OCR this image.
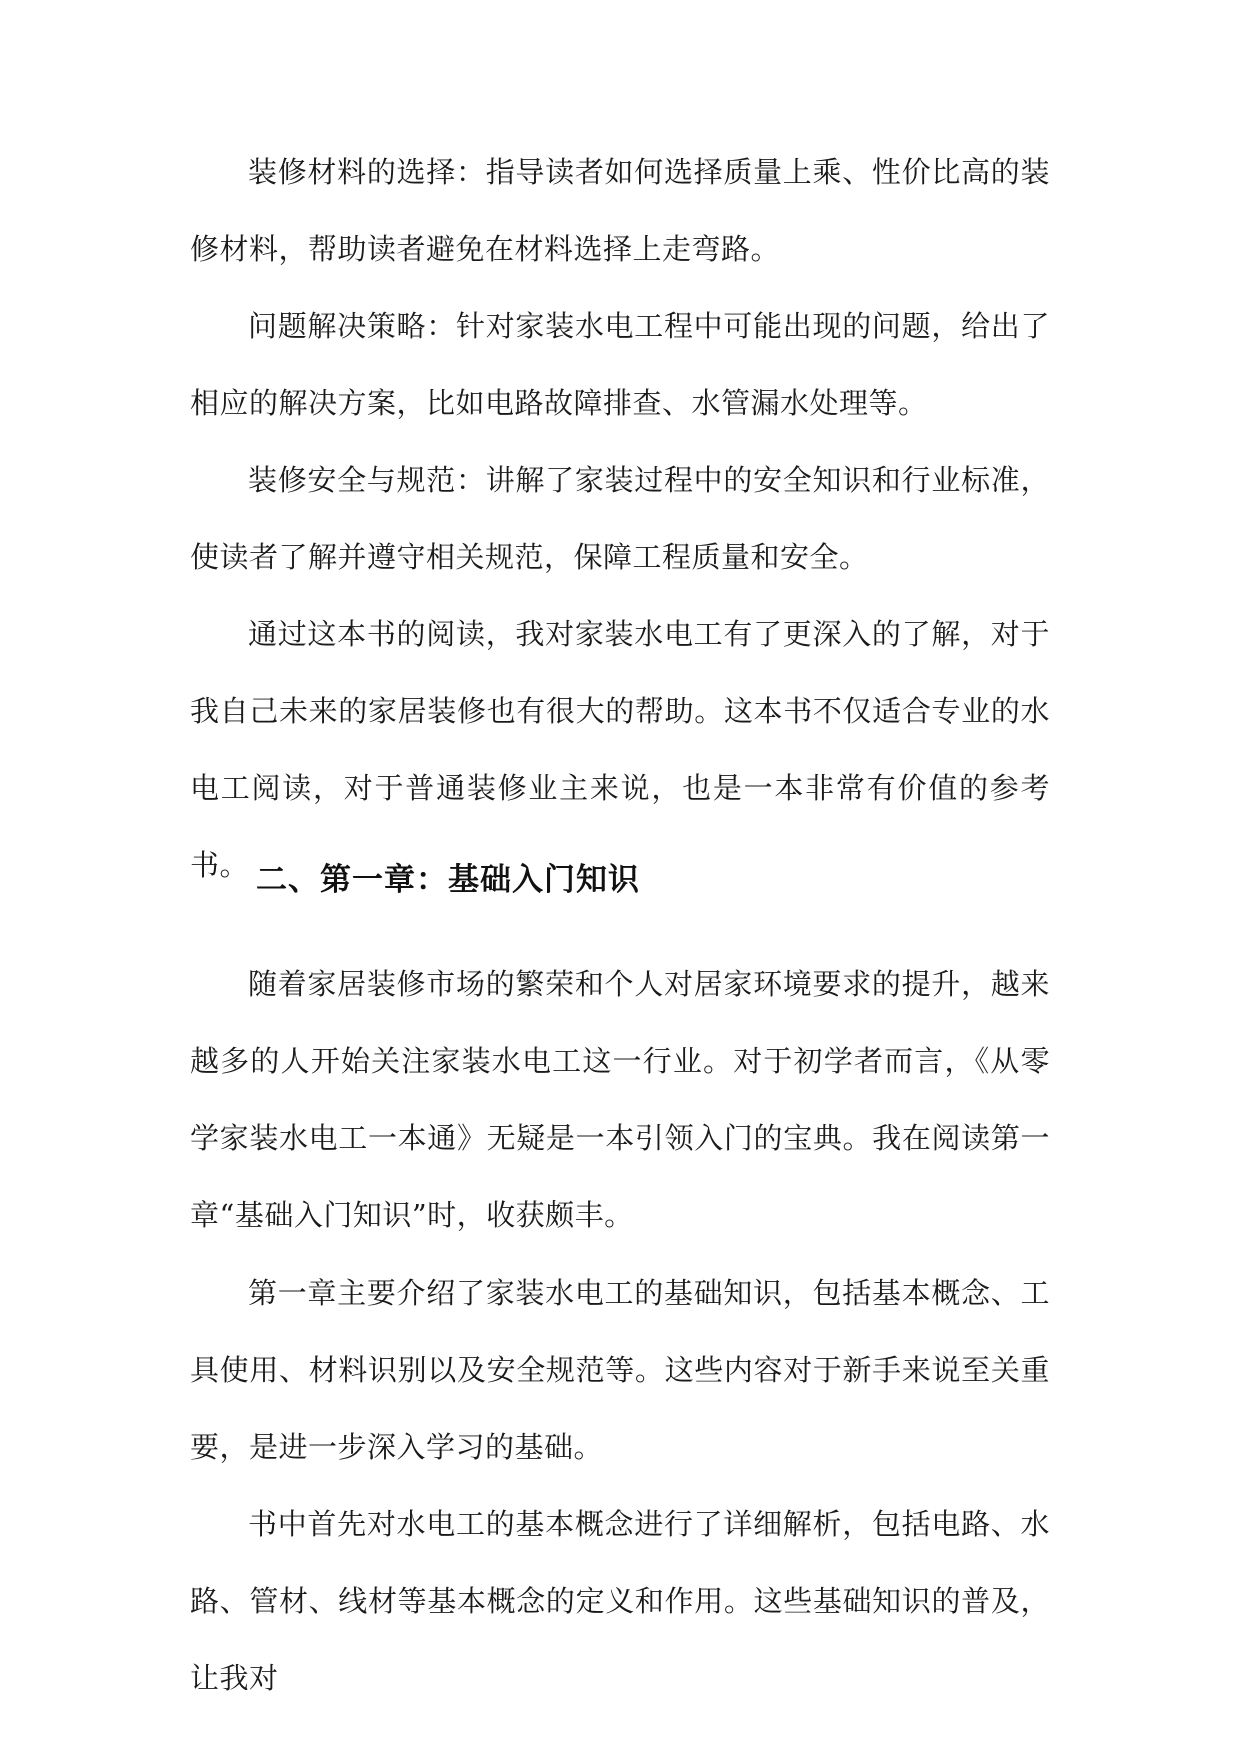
装修材料的选择：指导读者如何选择质量上乘、性价比高的装修材料，帮助读者避免在材料选择上走弯路。

问题解决策略：针对家装水电工程中可能出现的问题，给出了相应的解决方案，比如电路故障排查、水管漏水处理等。

装修安全与规范：讲解了家装过程中的安全知识和行业标准，使读者了解并遵守相关规范，保障工程质量和安全。

通过这本书的阅读，我对家装水电工有了更深入的了解，对于我自己未来的家居装修也有很大的帮助。这本书不仅适合专业的水电工阅读，对于普通装修业主来说，也是一本非常有价值的参考书。 二、第一章：基础入门知识

随着家居装修市场的繁荣和个人对居家环境要求的提升，越来越多的人开始关注家装水电工这一行业。对于初学者而言，《从零学家装水电工一本通》无疑是一本引领入门的宝典。我在阅读第一章“基础入门知识”时，收获颇丰。

第一章主要介绍了家装水电工的基础知识，包括基本概念、工具使用、材料识别以及安全规范等。这些内容对于新手来说至关重要，是进一步深入学习的基础。

书中首先对水电工的基本概念进行了详细解析，包括电路、水路、管材、线材等基本概念的定义和作用。这些基础知识的普及，让我对
